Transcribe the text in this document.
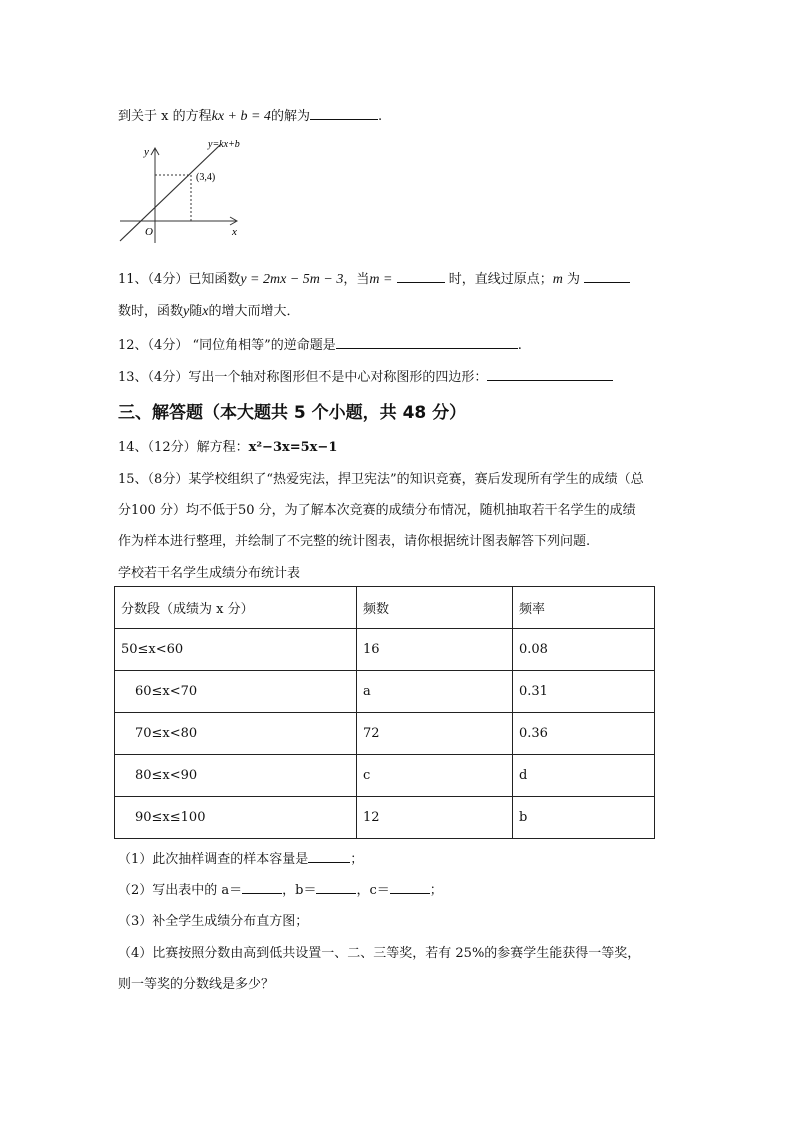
到关于 x 的方程kx + b = 4的解为	.
y=kx+b
(3,4)
y
x
O
11、（4分）已知函数y = 2mx − 5m − 3，当m =	时，直线过原点；m 为
数时，函数y随x的增大而增大．
12、（4分） “同位角相等”的逆命题是	.
13、（4分）写出一个轴对称图形但不是中心对称图形的四边形：
三、解答题（本大题共 5 个小题，共 48 分）
14、（12分）解方程：x²−3x=5x−1
15、（8分）某学校组织了“热爱宪法，捍卫宪法”的知识竞赛，赛后发现所有学生的成绩（总
分100 分）均不低于50 分，为了解本次竞赛的成绩分布情况，随机抽取若干名学生的成绩
作为样本进行整理，并绘制了不完整的统计图表，请你根据统计图表解答下列问题.
学校若干名学生成绩分布统计表
分数段（成绩为 x 分）	频数	频率
50≤x<60	16	0.08
60≤x<70	a	0.31
70≤x<80	72	0.36
80≤x<90	c	d
90≤x≤100	12	b
（1）此次抽样调查的样本容量是	；
（2）写出表中的 a＝	，b＝	，c＝	；
（3）补全学生成绩分布直方图；
（4）比赛按照分数由高到低共设置一、二、三等奖，若有 25%的参赛学生能获得一等奖，
则一等奖的分数线是多少？
